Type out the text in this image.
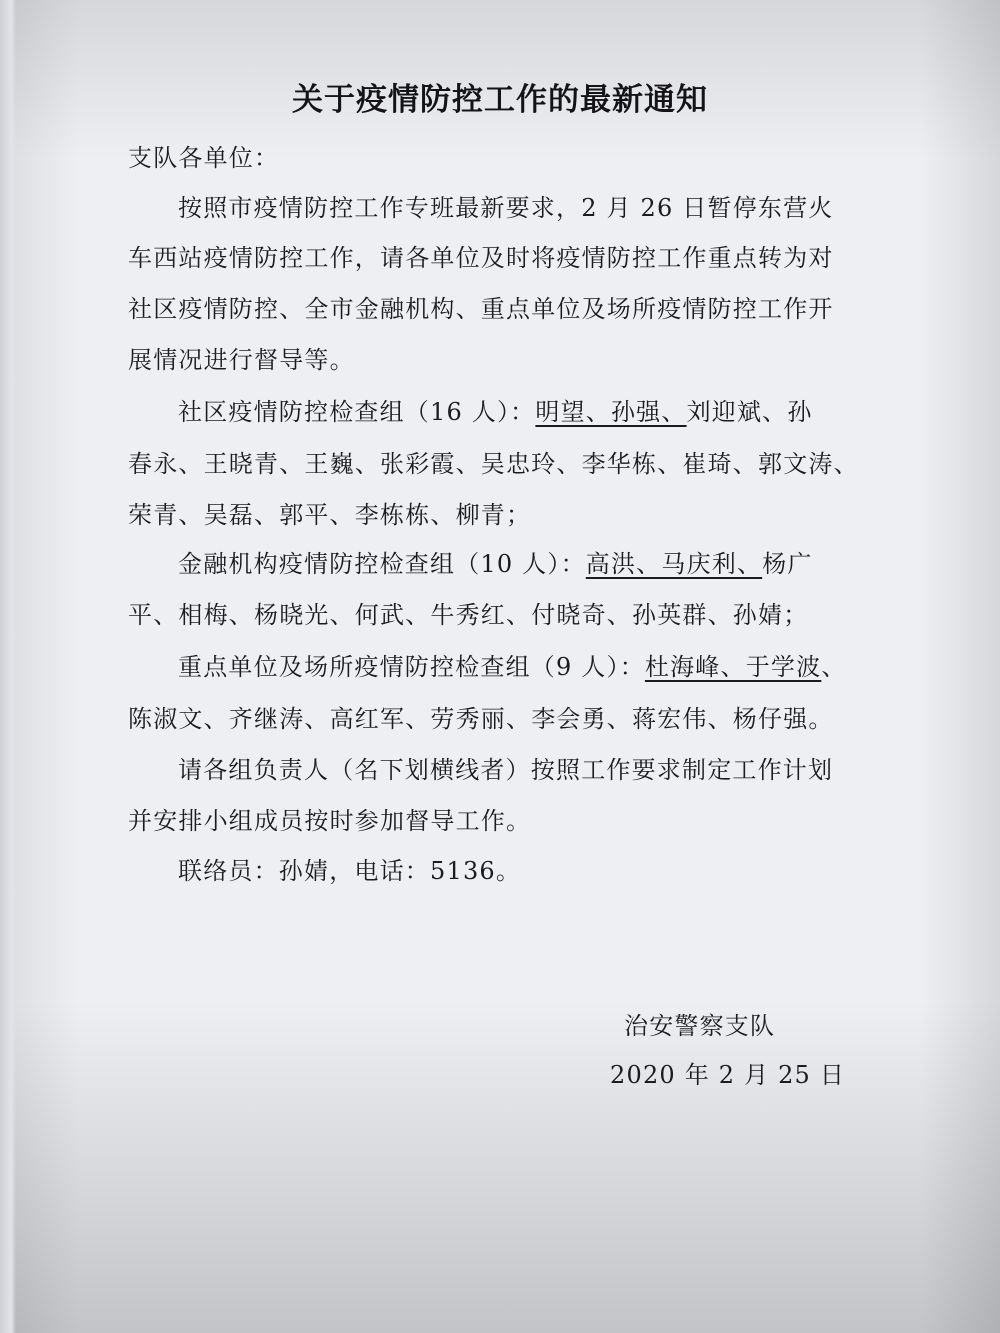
关于疫情防控工作的最新通知
支队各单位：
按照市疫情防控工作专班最新要求，2 月 26 日暂停东营火
车西站疫情防控工作，请各单位及时将疫情防控工作重点转为对
社区疫情防控、全市金融机构、重点单位及场所疫情防控工作开
展情况进行督导等。
社区疫情防控检查组（16 人）：明望、孙强、刘迎斌、孙
春永、王晓青、王巍、张彩霞、吴忠玲、李华栋、崔琦、郭文涛、
荣青、吴磊、郭平、李栋栋、柳青；
金融机构疫情防控检查组（10 人）：高洪、马庆利、杨广
平、相梅、杨晓光、何武、牛秀红、付晓奇、孙英群、孙婧；
重点单位及场所疫情防控检查组（9 人）：杜海峰、于学波、
陈淑文、齐继涛、高红军、劳秀丽、李会勇、蒋宏伟、杨仔强。
请各组负责人（名下划横线者）按照工作要求制定工作计划
并安排小组成员按时参加督导工作。
联络员：孙婧，电话：5136。
治安警察支队
2020 年 2 月 25 日
